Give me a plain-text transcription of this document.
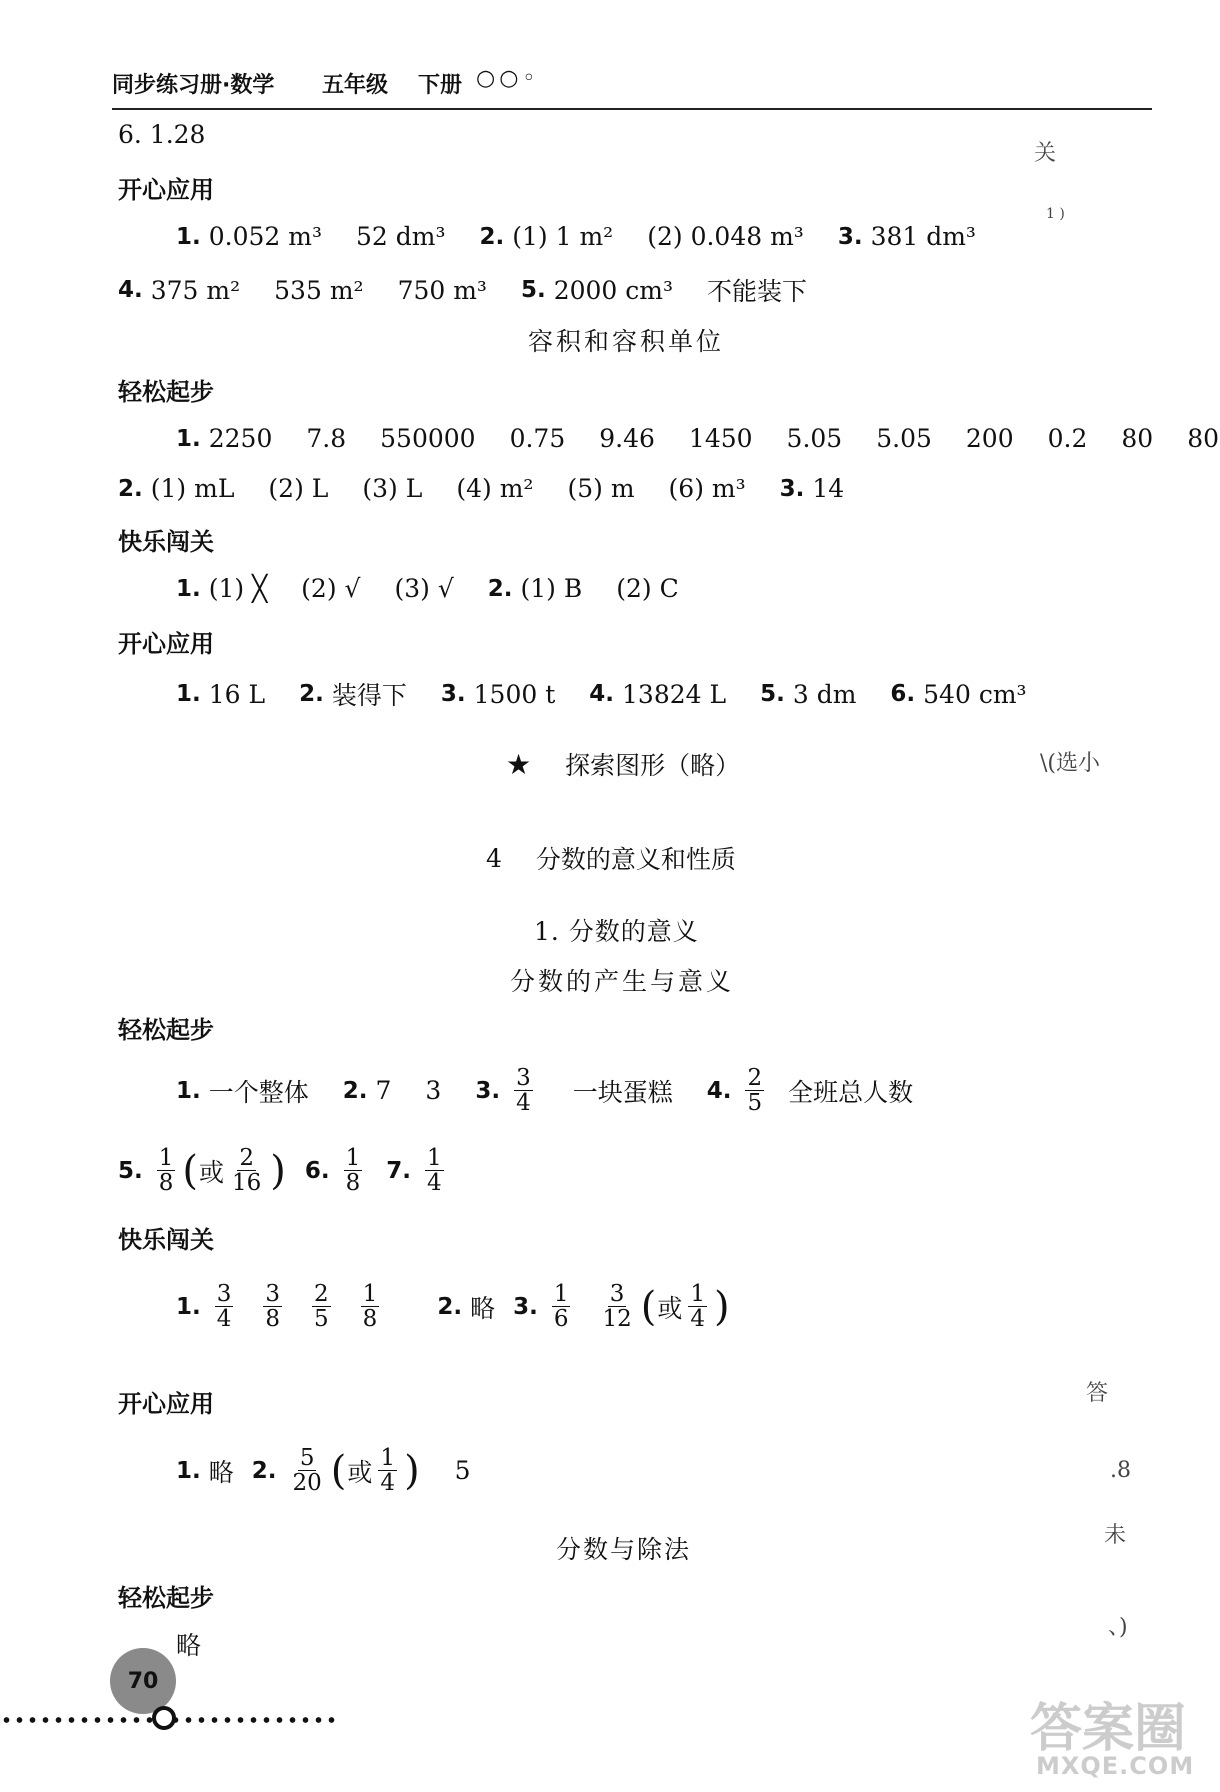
同步练习册·数学 五年级 下册 ○○◦
6. 1.28
开心应用
1. 0.052 m³ 52 dm³ 2. (1) 1 m² (2) 0.048 m³ 3. 381 dm³
4. 375 m² 535 m² 750 m³ 5. 2000 cm³ 不能装下
容积和容积单位
轻松起步
1. 2250 7.8 550000 0.75 9.46 1450 5.05 5.05 200 0.2 80 80
2. (1) mL (2) L (3) L (4) m² (5) m (6) m³ 3. 14
快乐闯关
1. (1) ╳ (2) √ (3) √ 2. (1) B (2) C
开心应用
1. 16 L 2. 装得下 3. 1500 t 4. 13824 L 5. 3 dm 6. 540 cm³
★ 探索图形（略）
4 分数的意义和性质
1. 分数的意义
分数的产生与意义
轻松起步
1. 一个整体 2. 7 3 3. $\frac{3}{4}$ 一块蛋糕 4. $\frac{2}{5}$ 全班总人数
5. $\frac{1}{8}$ ( 或 $\frac{2}{16}$ ) 6. $\frac{1}{8} 7$. $\frac{1}{4}$
快乐闯关
1. $\frac{3}{4} \frac{3}{8} \frac{2}{5} \frac{1}{8}$	2. 略 3. $\frac{1}{6} \frac{3}{12}$ ( 或 $\frac{1}{4}$ )
开心应用
1. 略 2. $\frac{5}{20}$ ( 或 $\frac{1}{4}$ ) 5
分数与除法
轻松起步
略
70
关
1 )
\(选小
答
.8
未
、)
答案圈
MXQE.COM
